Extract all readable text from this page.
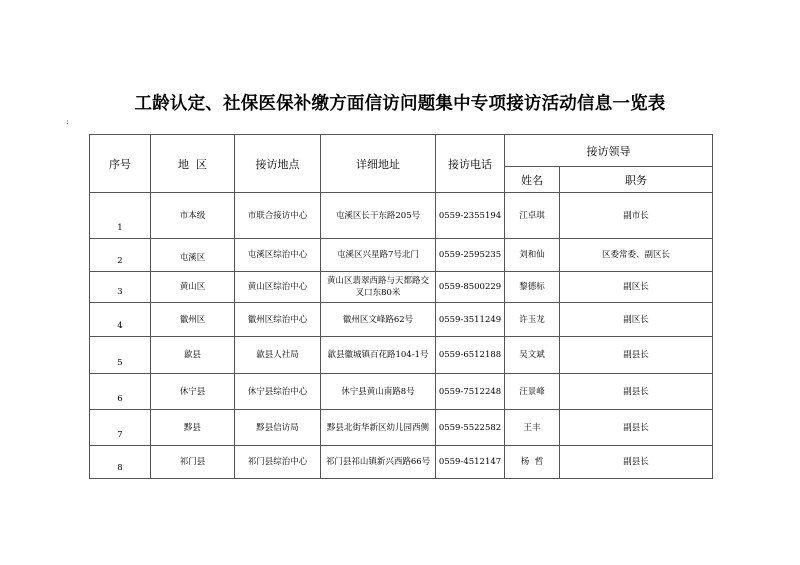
工龄认定、社保医保补缴方面信访问题集中专项接访活动信息一览表
:
序号	地  区	接访地点	详细地址	接访电话	接访领导	
					姓名	职务
1	市本级	市联合接访中心	屯溪区长干东路205号	0559-2355194	江卓琪	副市长
2	屯溪区	屯溪区综治中心	屯溪区兴星路7号北门	0559-2595235	刘和仙	区委常委、副区长
3	黄山区	黄山区综治中心	黄山区翡翠西路与天都路交叉口东80米	0559-8500229	黎德标	副区长
4	徽州区	徽州区综治中心	徽州区文峰路62号	0559-3511249	许玉龙	副区长
5	歙县	歙县人社局	歙县徽城镇百花路104-1号	0559-6512188	吴文斌	副县长
6	休宁县	休宁县综治中心	休宁县黄山南路8号	0559-7512248	汪景峰	副县长
7	黟县	黟县信访局	黟县北街华新区幼儿园西侧	0559-5522582	王丰	副县长
8	祁门县	祁门县综治中心	祁门县祁山镇新兴西路66号	0559-4512147	杨  哲	副县长
